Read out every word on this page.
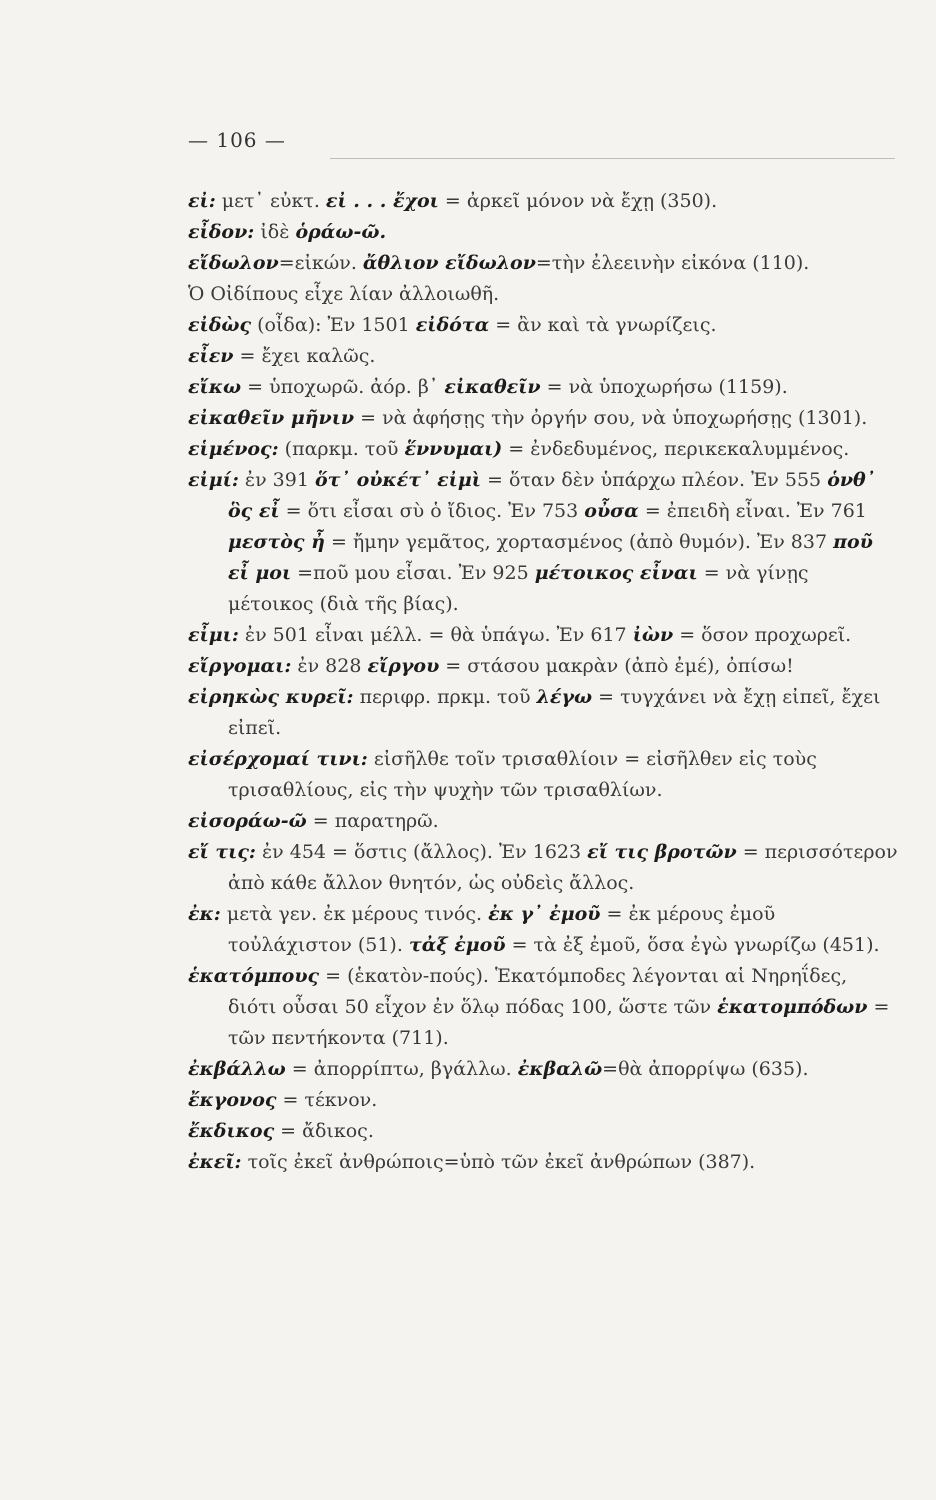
— 106 —

εἰ: μετ᾽ εὐκτ. εἰ . . . ἔχοι = ἀρκεῖ μόνον νὰ ἔχῃ (350).

εἶδον: ἰδὲ ὁράω-ῶ.

εἴδωλον=εἰκών. ἄθλιον εἴδωλον=τὴν ἐλεεινὴν εἰκόνα (110).

Ὁ Οἰδίπους εἶχε λίαν ἀλλοιωθῆ.

εἰδὼς (οἶδα): Ἐν 1501 εἰδότα = ἂν καὶ τὰ γνωρίζεις.

εἶεν = ἔχει καλῶς.

εἴκω = ὑποχωρῶ. ἀόρ. β᾽ εἰκαθεῖν = νὰ ὑποχωρήσω (1159).

εἰκαθεῖν μῆνιν = νὰ ἀφήσῃς τὴν ὀργήν σου, νὰ ὑποχωρήσῃς (1301).

εἱμένος: (παρκμ. τοῦ ἕννυμαι) = ἐνδεδυμένος, περικεκαλυμμένος.

εἰμί: ἐν 391 ὅτ᾽ οὐκέτ᾽ εἰμὶ = ὅταν δὲν ὑπάρχω πλέον. Ἐν 555 ὁνθ᾽ ὃς εἶ = ὅτι εἶσαι σὺ ὁ ἴδιος. Ἐν 753 οὖσα = ἐπειδὴ εἶναι. Ἐν 761 μεστὸς ἦ = ἤμην γεμᾶτος, χορτασμένος (ἀπὸ θυμόν). Ἐν 837 ποῦ εἶ μοι =ποῦ μου εἶσαι. Ἐν 925 μέτοικος εἶναι = νὰ γίνῃς μέτοικος (διὰ τῆς βίας).

εἶμι: ἐν 501 εἶναι μέλλ. = θὰ ὑπάγω. Ἐν 617 ἰὼν = ὅσον προχωρεῖ.

εἴργομαι: ἐν 828 εἴργου = στάσου μακρὰν (ἀπὸ ἐμέ), ὀπίσω!

εἰρηκὼς κυρεῖ: περιφρ. πρκμ. τοῦ λέγω = τυγχάνει νὰ ἔχῃ εἰπεῖ, ἔχει εἰπεῖ.

εἰσέρχομαί τινι: εἰσῆλθε τοῖν τρισαθλίοιν = εἰσῆλθεν εἰς τοὺς τρισαθλίους, εἰς τὴν ψυχὴν τῶν τρισαθλίων.

εἰσοράω-ῶ = παρατηρῶ.

εἴ τις: ἐν 454 = ὅστις (ἄλλος). Ἐν 1623 εἴ τις βροτῶν = περισσότερον ἀπὸ κάθε ἄλλον θνητόν, ὡς οὐδεὶς ἄλλος.

ἐκ: μετὰ γεν. ἐκ μέρους τινός. ἐκ γ᾽ ἐμοῦ = ἐκ μέρους ἐμοῦ τοὐλάχιστον (51). τἀξ ἐμοῦ = τὰ ἐξ ἐμοῦ, ὅσα ἐγὼ γνωρίζω (451).

ἑκατόμπους = (ἑκατὸν-πούς). Ἑκατόμποδες λέγονται αἱ Νηρηΐδες, διότι οὖσαι 50 εἶχον ἐν ὅλῳ πόδας 100, ὥστε τῶν ἑκατομπόδων = τῶν πεντήκοντα (711).

ἐκβάλλω = ἀπορρίπτω, βγάλλω. ἐκβαλῶ=θὰ ἀπορρίψω (635).

ἔκγονος = τέκνον.

ἔκδικος = ἄδικος.

ἐκεῖ: τοῖς ἐκεῖ ἀνθρώποις=ὑπὸ τῶν ἐκεῖ ἀνθρώπων (387).
